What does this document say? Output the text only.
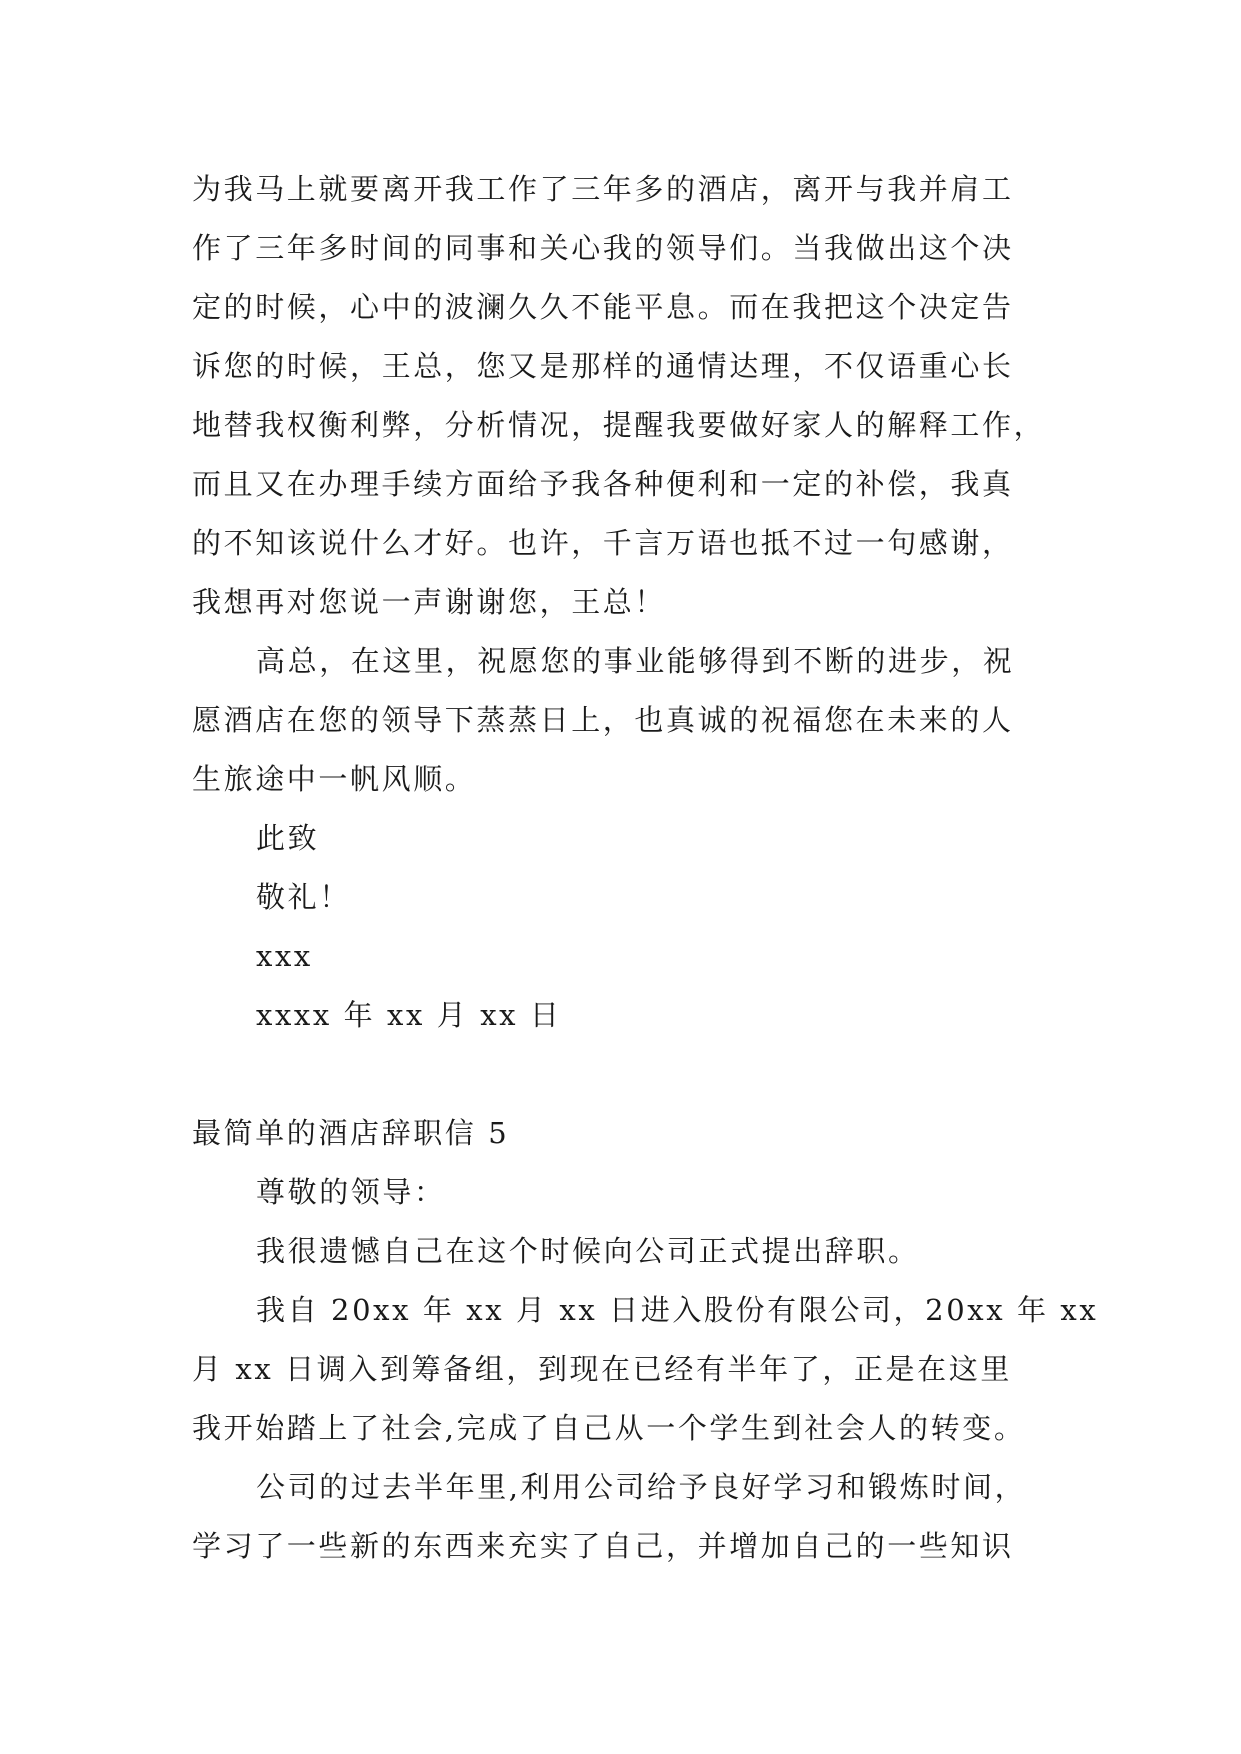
为我马上就要离开我工作了三年多的酒店，离开与我并肩工
作了三年多时间的同事和关心我的领导们。当我做出这个决
定的时候，心中的波澜久久不能平息。而在我把这个决定告
诉您的时候，王总，您又是那样的通情达理，不仅语重心长
地替我权衡利弊，分析情况，提醒我要做好家人的解释工作，
而且又在办理手续方面给予我各种便利和一定的补偿，我真
的不知该说什么才好。也许，千言万语也抵不过一句感谢，
我想再对您说一声谢谢您，王总！
高总，在这里，祝愿您的事业能够得到不断的进步，祝
愿酒店在您的领导下蒸蒸日上，也真诚的祝福您在未来的人
生旅途中一帆风顺。
此致
敬礼！
xxx
xxxx 年 xx 月 xx 日
最简单的酒店辞职信 5
尊敬的领导：
我很遗憾自己在这个时候向公司正式提出辞职。
我自 20xx 年 xx 月 xx 日进入股份有限公司，20xx 年 xx
月 xx 日调入到筹备组，到现在已经有半年了，正是在这里
我开始踏上了社会,完成了自己从一个学生到社会人的转变。
公司的过去半年里,利用公司给予良好学习和锻炼时间，
学习了一些新的东西来充实了自己，并增加自己的一些知识
